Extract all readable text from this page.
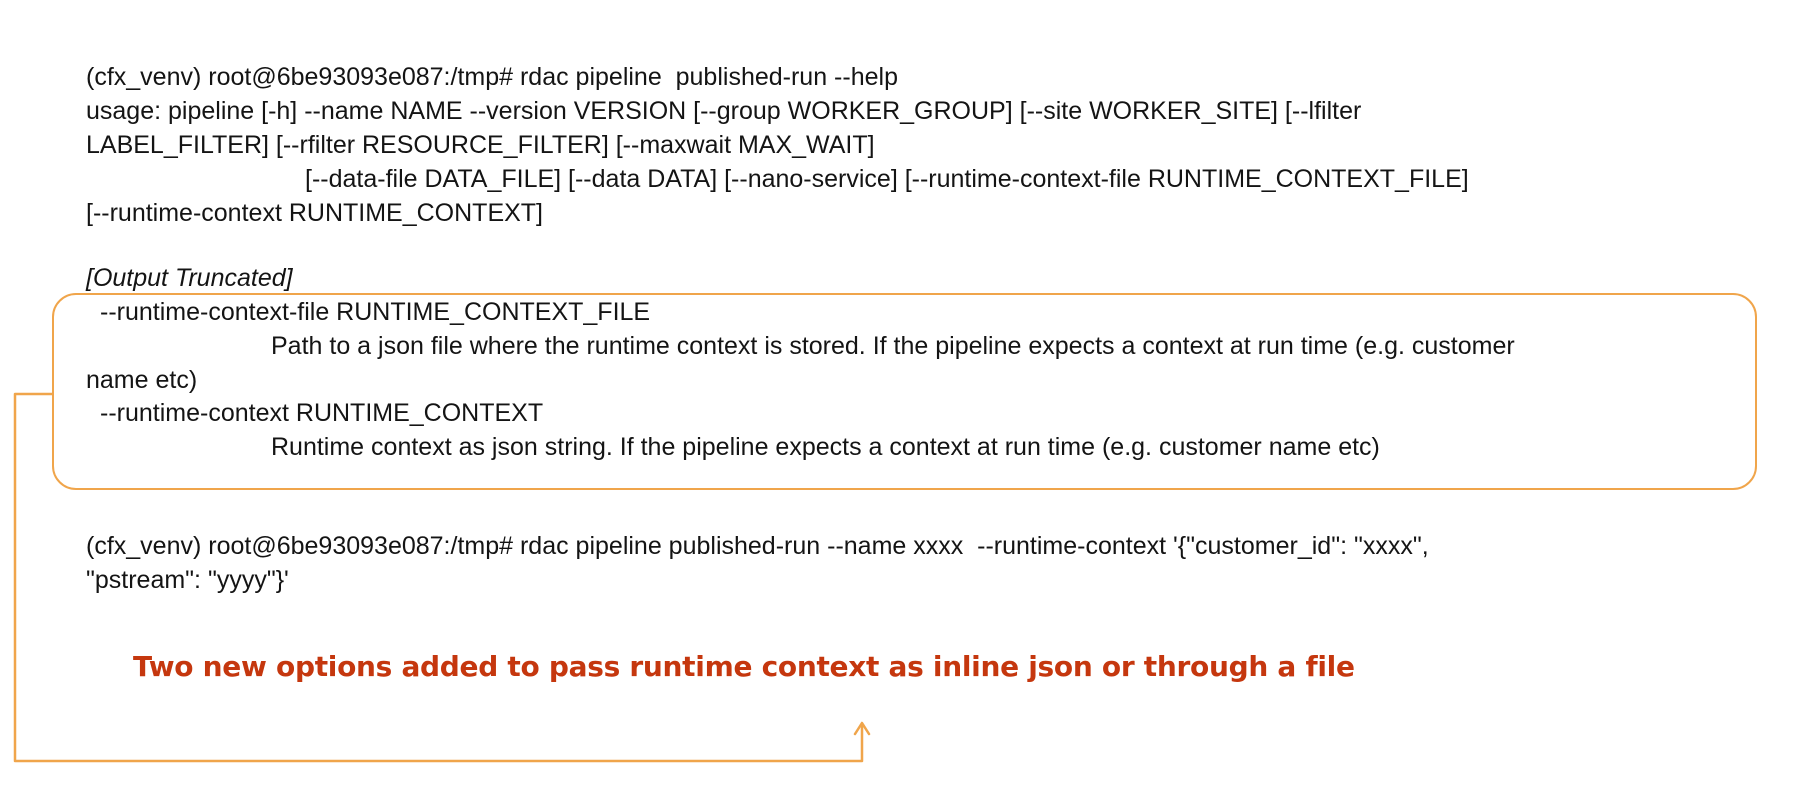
(cfx_venv) root@6be93093e087:/tmp# rdac pipeline  published-run --help
usage: pipeline [-h] --name NAME --version VERSION [--group WORKER_GROUP] [--site WORKER_SITE] [--lfilter
LABEL_FILTER] [--rfilter RESOURCE_FILTER] [--maxwait MAX_WAIT]
[--data-file DATA_FILE] [--data DATA] [--nano-service] [--runtime-context-file RUNTIME_CONTEXT_FILE]
[--runtime-context RUNTIME_CONTEXT]
[Output Truncated]
--runtime-context-file RUNTIME_CONTEXT_FILE
Path to a json file where the runtime context is stored. If the pipeline expects a context at run time (e.g. customer
name etc)
--runtime-context RUNTIME_CONTEXT
Runtime context as json string. If the pipeline expects a context at run time (e.g. customer name etc)
(cfx_venv) root@6be93093e087:/tmp# rdac pipeline published-run --name xxxx  --runtime-context '{"customer_id": "xxxx",
"pstream": "yyyy"}'
Two new options added to pass runtime context as inline json or through a file
